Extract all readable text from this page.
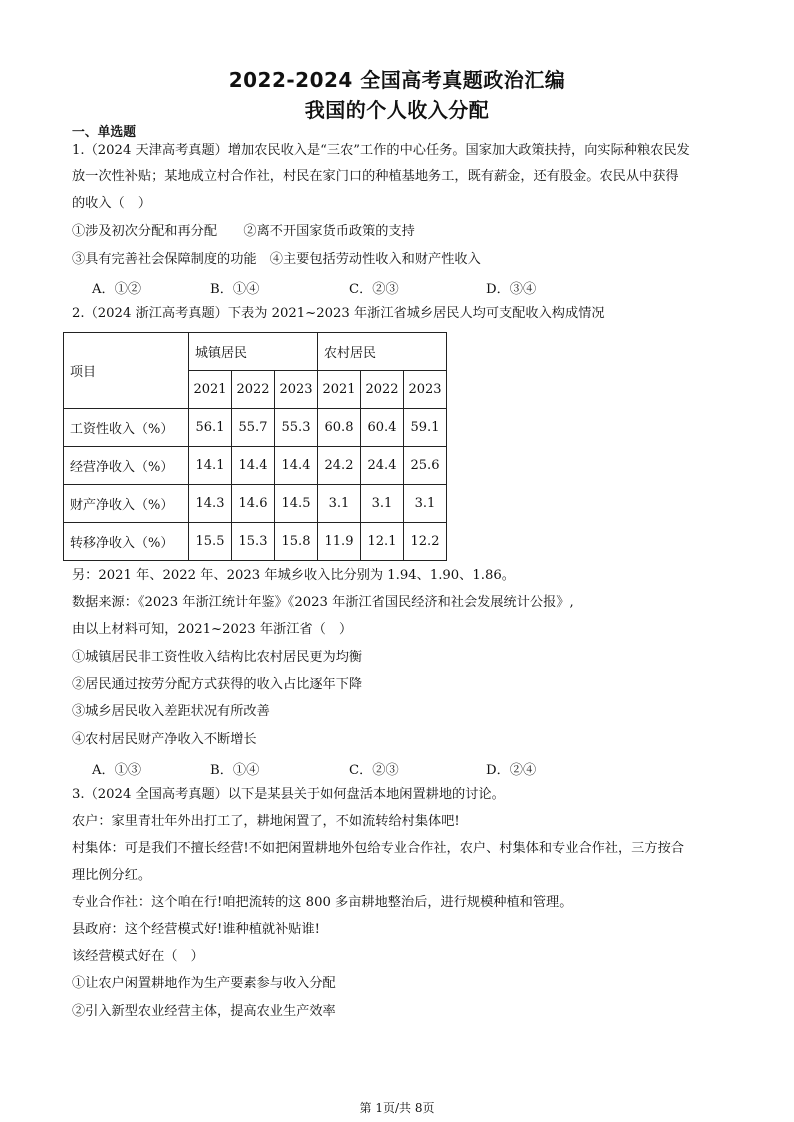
2022-2024 全国高考真题政治汇编
我国的个人收入分配
一、单选题
1.（2024 天津高考真题）增加农民收入是“三农”工作的中心任务。国家加大政策扶持，向实际种粮农民发
放一次性补贴；某地成立村合作社，村民在家门口的种植基地务工，既有薪金，还有股金。农民从中获得
的收入（　）
①涉及初次分配和再分配　　②离不开国家货币政策的支持
③具有完善社会保障制度的功能　④主要包括劳动性收入和财产性收入
A．①②	B．①④	C．②③	D．③④
2.（2024 浙江高考真题）下表为 2021~2023 年浙江省城乡居民人均可支配收入构成情况
项目	城镇居民			农村居民		
	2021	2022	2023	2021	2022	2023
工资性收入（%）	56.1	55.7	55.3	60.8	60.4	59.1
经营净收入（%）	14.1	14.4	14.4	24.2	24.4	25.6
财产净收入（%）	14.3	14.6	14.5	3.1	3.1	3.1
转移净收入（%）	15.5	15.3	15.8	11.9	12.1	12.2
另：2021 年、2022 年、2023 年城乡收入比分别为 1.94、1.90、1.86。
数据来源：《2023 年浙江统计年鉴》《2023 年浙江省国民经济和社会发展统计公报》,
由以上材料可知，2021~2023 年浙江省（　）
①城镇居民非工资性收入结构比农村居民更为均衡
②居民通过按劳分配方式获得的收入占比逐年下降
③城乡居民收入差距状况有所改善
④农村居民财产净收入不断增长
A．①③	B．①④	C．②③	D．②④
3.（2024 全国高考真题）以下是某县关于如何盘活本地闲置耕地的讨论。
农户：家里青壮年外出打工了，耕地闲置了，不如流转给村集体吧!
村集体：可是我们不擅长经营!不如把闲置耕地外包给专业合作社，农户、村集体和专业合作社，三方按合
理比例分红。
专业合作社：这个咱在行!咱把流转的这 800 多亩耕地整治后，进行规模种植和管理。
县政府：这个经营模式好!谁种植就补贴谁!
该经营模式好在（　）
①让农户闲置耕地作为生产要素参与收入分配
②引入新型农业经营主体，提高农业生产效率
第 1页/共 8页
